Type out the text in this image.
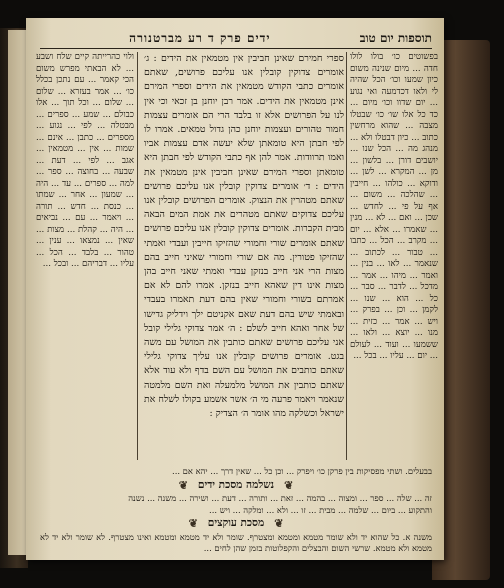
תוספות יום טוב
ידים פרק ד רע מברטנורה

בפשוטים כו׳ בולו לולו חדה ... מיום שנינה משום כיון שמעו וכו׳ הכל שהיה לי ולאו דכדמעה ואי נגוע ... יום שדוו וכו׳ מיום ... כד כל אלו שו׳ כו׳ שבטלו מצבה ... שהוא מרחשין כתוב ... כיון דבטלו ולא ... מנהג מה ... הכל שנו ... יושבים דורן ... בלשון ... מן ... המקרא ... לשן ... ודוקא ... כולהו ... חייבין ... שהלכה ... משום ... אף על פי ... לחדש ... שכן ... ואם ... לא ... מנין ... שאמרו ... אלא ... יום ... מקרב ... הכל ... כתבו ... טבור ... לכתוב ... שנאמר ... לאו ... בנין ... ואמר ... מיהו ... אמר ... מדכל ... לדבר ... סבר ... כל ... הוא ... שנו ... לקמן ... וכן ... בפרק ... ויש ... אמר ... כזית ... מנו ... יוצא ... ולאו ... ששמעו ... ועוד ... לעולם ... יום ... עליו ... בכל ...

ספרי חמירם שאינן חביבין אין מטמאין את הידים : ג׳ אומרים צדוקין קובלין אנו עליכם פרושים, שאתם אומרים כתבי הקודש מטמאין את הידים וספרי המירם אינן מטמאין את הידים. אמר רבן יוחנן בן זכאי וכי אין לנו על הפרושים אלא זו בלבד הרי הם אומרים עצמות חמור טהורים ועצמות יוחנן כהן גדול טמאים. אמרו לו לפי חבתן היא טומאתן שלא יעשה אדם עצמות אביו ואמו תרוודות. אמר להן אף כתבי הקודש לפי חבתן היא טומאתן וספרי המירם שאינן חביבין אינן מטמאין את הידים : ד׳ אומרים צדוקין קובלין אנו עליכם פרושים שאתם מטהרין את הנצוק. אומרים הפרושים קובלין אנו עליכם צדוקים שאתם מטהרים את אמת המים הבאה מבית הקברות. אומרים צדוקין קובלין אנו עליכם פרושים שאתם אומרים שורי וחמורי שהזיקו חייבין ועבדי ואמתי שהזיקו פטורין. מה אם שורי וחמורי שאיני חייב בהם מצות הרי אני חייב בנזקן עבדי ואמתי שאני חייב בהן מצות אינו דין שאהא חייב בנזקן. אמרו להם לא אם אמרתם בשורי וחמורי שאין בהם דעת תאמרו בעבדי ובאמתי שיש בהם דעת שאם אקניטם ילך וידליק גדישו של אחר ואהא חייב לשלם : ה׳ אמר צדוקי גלילי קובל אני עליכם פרושים שאתם כותבין את המושל עם משה בגט. אומרים פרושים קובלין אנו עליך צדוקי גלילי שאתם כותבים את המושל עם השם בדף ולא עוד אלא שאתם כותבין את המושל מלמעלה ואת השם מלמטה שנאמר ויאמר פרעה מי ה׳ אשר אשמע בקולו לשלח את ישראל וכשלקה מהו אומר ה׳ הצדיק :

ולוי כהרייתה קיים שלח ושבע ... לא הבאתי מפרש משום הכי קאמר ... עם נתכן בכלל כו׳ ... אמר בעזרא ... שלום ... שלום ... וכל תוך ... אלו כבולם ... שמע ... ספרים ... מבטלה ... לפי ... נגוע ... מספרים ... כתבן ... אינם ... שמות ... אין ... מטמאין ... אגב ... לפי ... דעת ... שבעה ... בחוצה ... ספר ... למה ... ספרים ... עד ... היה ... שמעון ... אחר ... שמתו ... כנסת ... חדש ... תורה ... ויאמר ... עם ... נביאים ... היה ... קהלת ... מצות ... שאין ... נמצאו ... ענין ... טהור ... בלבד ... הכל ... עליו ... דבריהם ... ובכל ...

בבעלים. ושתי מפסיקות בין פרקן כו׳ ויפרק ... וכן כל ... שאין דרך ... יהא אם ...

❦
נשלמה מסכת ידים
❦

זה ... שלה ... ספר ... ומצוה ... בהמה ... זאת ... ותורה ... דעת ... ושירה ... משנה ... נשנה

והתקוע ... ביום ... שלמה ... מבית ... זו ... ולא ... ומלקה ... ויש ...

❦
מסכת עוקצים
❦

משנה א. כל שהוא יד ולא שומר מטמא ומטמא ומצטרף. שומר ולא יד מטמא ומטמא ואינו מצטרף. לא שומר ולא יד לא מטמא ולא מטמא. שרשי השום והבצלים והקפלוטות בזמן שהן לחים ...
